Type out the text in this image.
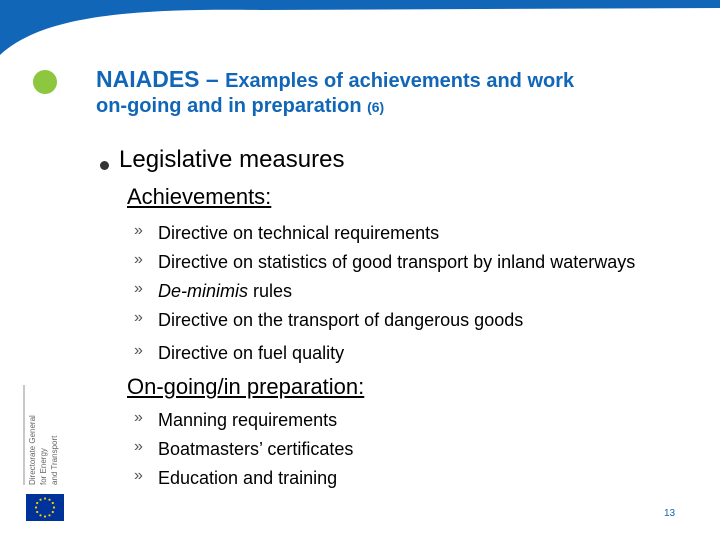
NAIADES – Examples of achievements and work
on-going and in preparation (6)
Legislative measures
Achievements:
» Directive on technical requirements
» Directive on statistics of good transport by inland waterways
» De-minimis rules
» Directive on the transport of dangerous goods
» Directive on fuel quality
On-going/in preparation:
» Manning requirements
» Boatmasters’ certificates
» Education and training
Directorate General for Energy and Transport
13
